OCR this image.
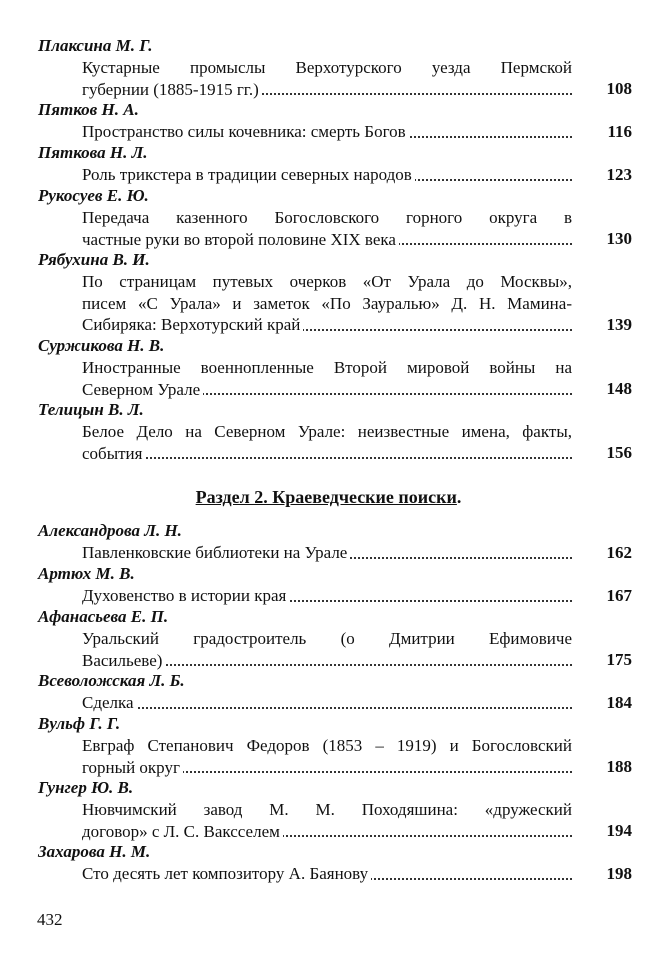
Плаксина М. Г.
Кустарные промыслы Верхотурского уезда Пермской
губернии (1885-1915 гг.)	108
Пятков Н. А.
Пространство силы кочевника: смерть Богов	116
Пяткова Н. Л.
Роль трикстера в традиции северных народов	123
Рукосуев Е. Ю.
Передача казенного Богословского горного округа в
частные руки во второй половине XIX века	130
Рябухина В. И.
По страницам путевых очерков «От Урала до Москвы»,
писем «С Урала» и заметок «По Зауралью» Д. Н. Мамина-
Сибиряка: Верхотурский край	139
Суржикова Н. В.
Иностранные военнопленные Второй мировой войны на
Северном Урале	148
Телицын В. Л.
Белое Дело на Северном Урале: неизвестные имена, факты,
события	156
Раздел 2. Краеведческие поиски.
Александрова Л. Н.
Павленковские библиотеки на Урале	162
Артюх М. В.
Духовенство в истории края	167
Афанасьева Е. П.
Уральский градостроитель (о Дмитрии Ефимовиче
Васильеве)	175
Всеволожская Л. Б.
Сделка	184
Вульф Г. Г.
Евграф Степанович Федоров (1853 – 1919) и Богословский
горный округ	188
Гунгер Ю. В.
Нювчимский завод М. М. Походяшина: «дружеский
договор» с Л. С. Ваксселем	194
Захарова Н. М.
Сто десять лет композитору А. Баянову	198
432
